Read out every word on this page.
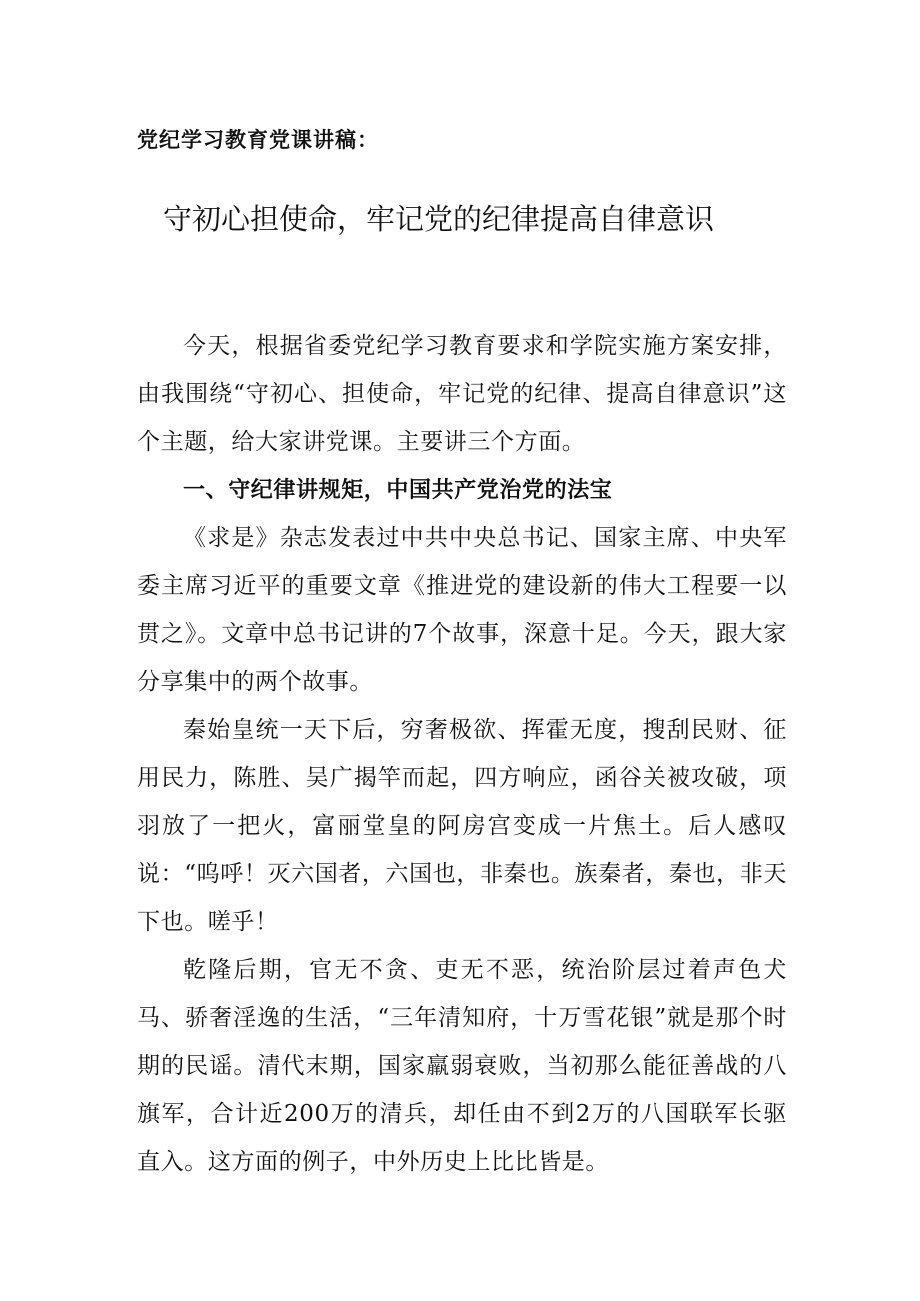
党纪学习教育党课讲稿：
守初心担使命，牢记党的纪律提高自律意识

今天，根据省委党纪学习教育要求和学院实施方案安排，由我围绕“守初心、担使命，牢记党的纪律、提高自律意识”这个主题，给大家讲党课。主要讲三个方面。

一、守纪律讲规矩，中国共产党治党的法宝

《求是》杂志发表过中共中央总书记、国家主席、中央军委主席习近平的重要文章《推进党的建设新的伟大工程要一以贯之》。文章中总书记讲的7个故事，深意十足。今天，跟大家分享集中的两个故事。

秦始皇统一天下后，穷奢极欲、挥霍无度，搜刮民财、征用民力，陈胜、吴广揭竿而起，四方响应，函谷关被攻破，项羽放了一把火，富丽堂皇的阿房宫变成一片焦土。后人感叹说：“呜呼！灭六国者，六国也，非秦也。族秦者，秦也，非天下也。嗟乎！

乾隆后期，官无不贪、吏无不恶，统治阶层过着声色犬马、骄奢淫逸的生活，“三年清知府，十万雪花银”就是那个时期的民谣。清代末期，国家羸弱衰败，当初那么能征善战的八旗军，合计近200万的清兵，却任由不到2万的八国联军长驱直入。这方面的例子，中外历史上比比皆是。
